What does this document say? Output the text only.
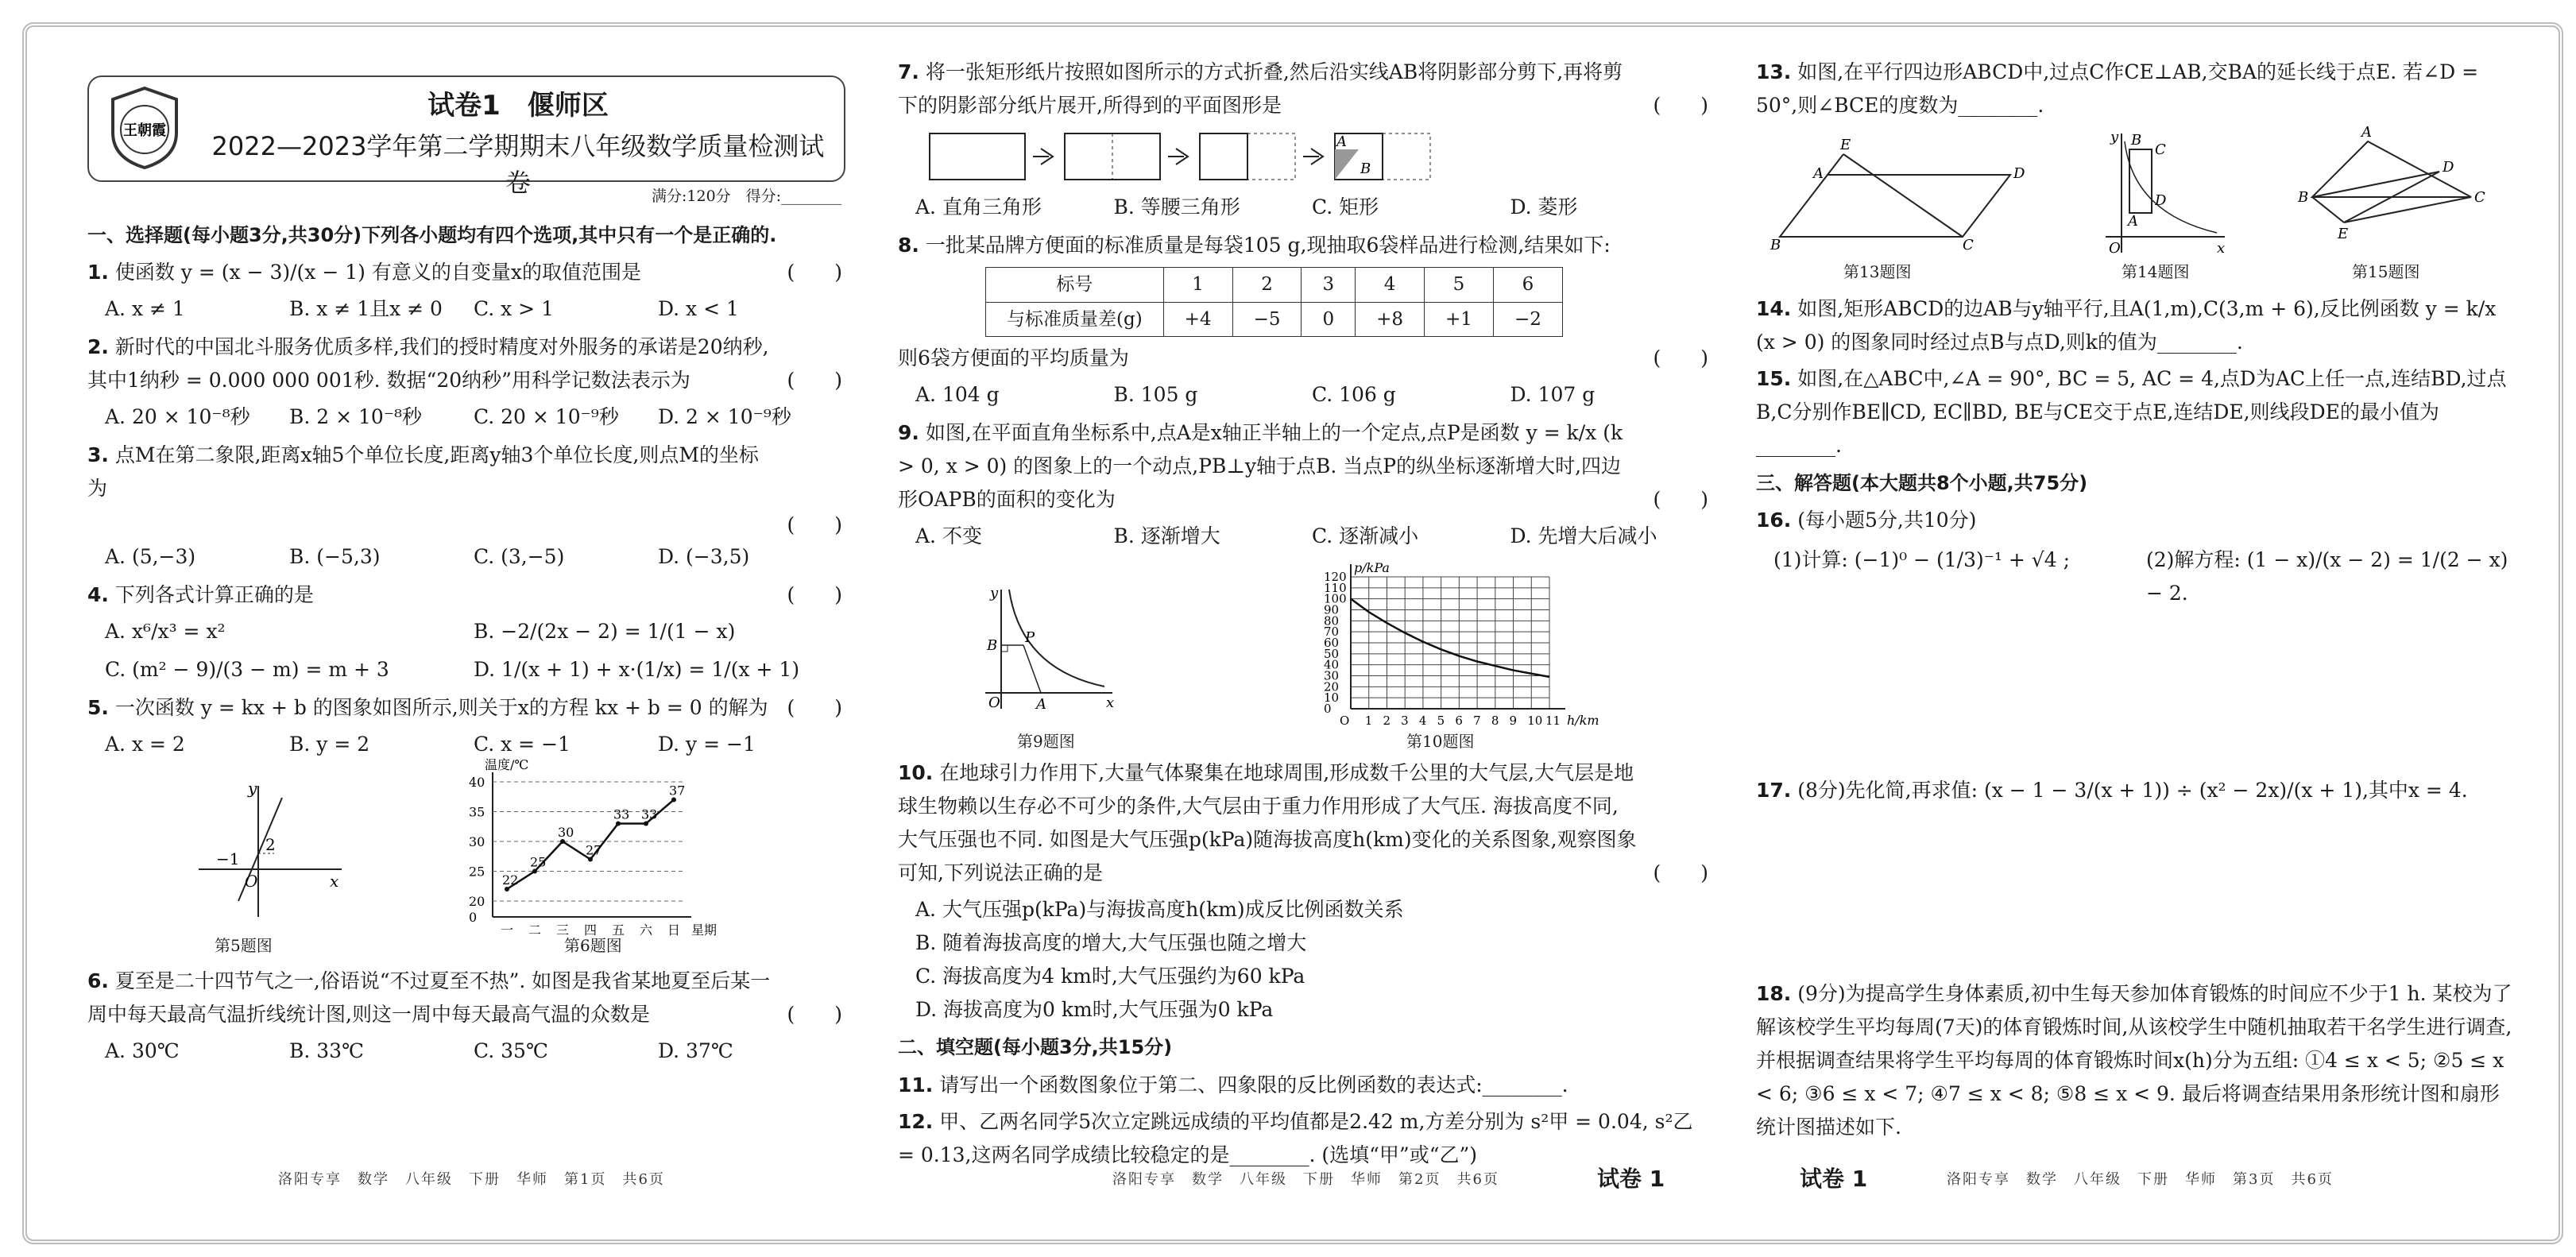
王朝霞
试卷1　偃师区
2022—2023学年第二学期期末八年级数学质量检测试卷	满分:120分　得分:________
一、选择题(每小题3分,共30分)下列各小题均有四个选项,其中只有一个是正确的.
1. 使函数 y = (x − 3)/(x − 1) 有意义的自变量x的取值范围是	(　　)
A. x ≠ 1	B. x ≠ 1且x ≠ 0	C. x > 1	D. x < 1
2. 新时代的中国北斗服务优质多样,我们的授时精度对外服务的承诺是20纳秒,其中1纳秒 = 0.000 000 001秒. 数据“20纳秒”用科学记数法表示为	(　　)
A. 20 × 10⁻⁸秒	B. 2 × 10⁻⁸秒	C. 20 × 10⁻⁹秒	D. 2 × 10⁻⁹秒
3. 点M在第二象限,距离x轴5个单位长度,距离y轴3个单位长度,则点M的坐标为
(　　)
A. (5,−3)	B. (−5,3)	C. (3,−5)	D. (−3,5)
4. 下列各式计算正确的是	(　　)
A. x⁶/x³ = x²	B. −2/(2x − 2) = 1/(1 − x)
C. (m² − 9)/(3 − m) = m + 3	D. 1/(x + 1) + x·(1/x) = 1/(x + 1)
5. 一次函数 y = kx + b 的图象如图所示,则关于x的方程 kx + b = 0 的解为 (　　)
A. x = 2	B. y = 2	C. x = −1	D. y = −1
y
x
O
2
−1
第5题图
温度/℃
星期
0
20
25
30
35
40
一 二 三 四 五 六 日
22
25
30
27
33 33
37
第6题图
6. 夏至是二十四节气之一,俗语说“不过夏至不热”. 如图是我省某地夏至后某一周中每天最高气温折线统计图,则这一周中每天最高气温的众数是	(　　)
A. 30℃	B. 33℃	C. 35℃	D. 37℃
洛阳专享　数学　八年级　下册　华师　第1页　共6页
7. 将一张矩形纸片按照如图所示的方式折叠,然后沿实线AB将阴影部分剪下,再将剪下的阴影部分纸片展开,所得到的平面图形是	(　　)
A
B
A. 直角三角形	B. 等腰三角形	C. 矩形	D. 菱形
8. 一批某品牌方便面的标准质量是每袋105 g,现抽取6袋样品进行检测,结果如下:
标号	1	2	3	4	5	6
与标准质量差(g)	+4	−5	0	+8	+1	−2
则6袋方便面的平均质量为	(　　)
A. 104 g	B. 105 g	C. 106 g	D. 107 g
9. 如图,在平面直角坐标系中,点A是x轴正半轴上的一个定点,点P是函数 y = k/x (k > 0, x > 0) 的图象上的一个动点,PB⊥y轴于点B. 当点P的纵坐标逐渐增大时,四边形OAPB的面积的变化为	(　　)
A. 不变	B. 逐渐增大	C. 逐渐减小	D. 先增大后减小
y
x
O	A
B P
第9题图
0
10
20
30
40
50
60
70
80
90
100
110
120
1 2 3 4 5 6 7 8 9 10 11
O
p/kPa
h/km
第10题图
10. 在地球引力作用下,大量气体聚集在地球周围,形成数千公里的大气层,大气层是地球生物赖以生存必不可少的条件,大气层由于重力作用形成了大气压. 海拔高度不同,大气压强也不同. 如图是大气压强p(kPa)随海拔高度h(km)变化的关系图象,观察图象可知,下列说法正确的是	(　　)
A. 大气压强p(kPa)与海拔高度h(km)成反比例函数关系
B. 随着海拔高度的增大,大气压强也随之增大
C. 海拔高度为4 km时,大气压强约为60 kPa
D. 海拔高度为0 km时,大气压强为0 kPa
二、填空题(每小题3分,共15分)
11. 请写出一个函数图象位于第二、四象限的反比例函数的表达式:________.
12. 甲、乙两名同学5次立定跳远成绩的平均值都是2.42 m,方差分别为 s²甲 = 0.04, s²乙 = 0.13,这两名同学成绩比较稳定的是________. (选填“甲”或“乙”)
洛阳专享　数学　八年级　下册　华师　第2页　共6页	试卷 1
13. 如图,在平行四边形ABCD中,过点C作CE⊥AB,交BA的延长线于点E. 若∠D = 50°,则∠BCE的度数为________.
B
A
E
D
C
第13题图
y
x
O
C
D
A
B
第14题图
A
B	C
D
E
第15题图
14. 如图,矩形ABCD的边AB与y轴平行,且A(1,m),C(3,m + 6),反比例函数 y = k/x (x > 0) 的图象同时经过点B与点D,则k的值为________.
15. 如图,在△ABC中,∠A = 90°, BC = 5, AC = 4,点D为AC上任一点,连结BD,过点B,C分别作BE∥CD, EC∥BD, BE与CE交于点E,连结DE,则线段DE的最小值为________.
三、解答题(本大题共8个小题,共75分)
16. (每小题5分,共10分)
(1)计算: (−1)⁰ − (1/3)⁻¹ + √4 ;	(2)解方程: (1 − x)/(x − 2) = 1/(2 − x) − 2.
17. (8分)先化简,再求值: (x − 1 − 3/(x + 1)) ÷ (x² − 2x)/(x + 1),其中x = 4.
18. (9分)为提高学生身体素质,初中生每天参加体育锻炼的时间应不少于1 h. 某校为了解该校学生平均每周(7天)的体育锻炼时间,从该校学生中随机抽取若干名学生进行调查,并根据调查结果将学生平均每周的体育锻炼时间x(h)分为五组: ①4 ≤ x < 5; ②5 ≤ x < 6; ③6 ≤ x < 7; ④7 ≤ x < 8; ⑤8 ≤ x < 9. 最后将调查结果用条形统计图和扇形统计图描述如下.
试卷 1	洛阳专享　数学　八年级　下册　华师　第3页　共6页
